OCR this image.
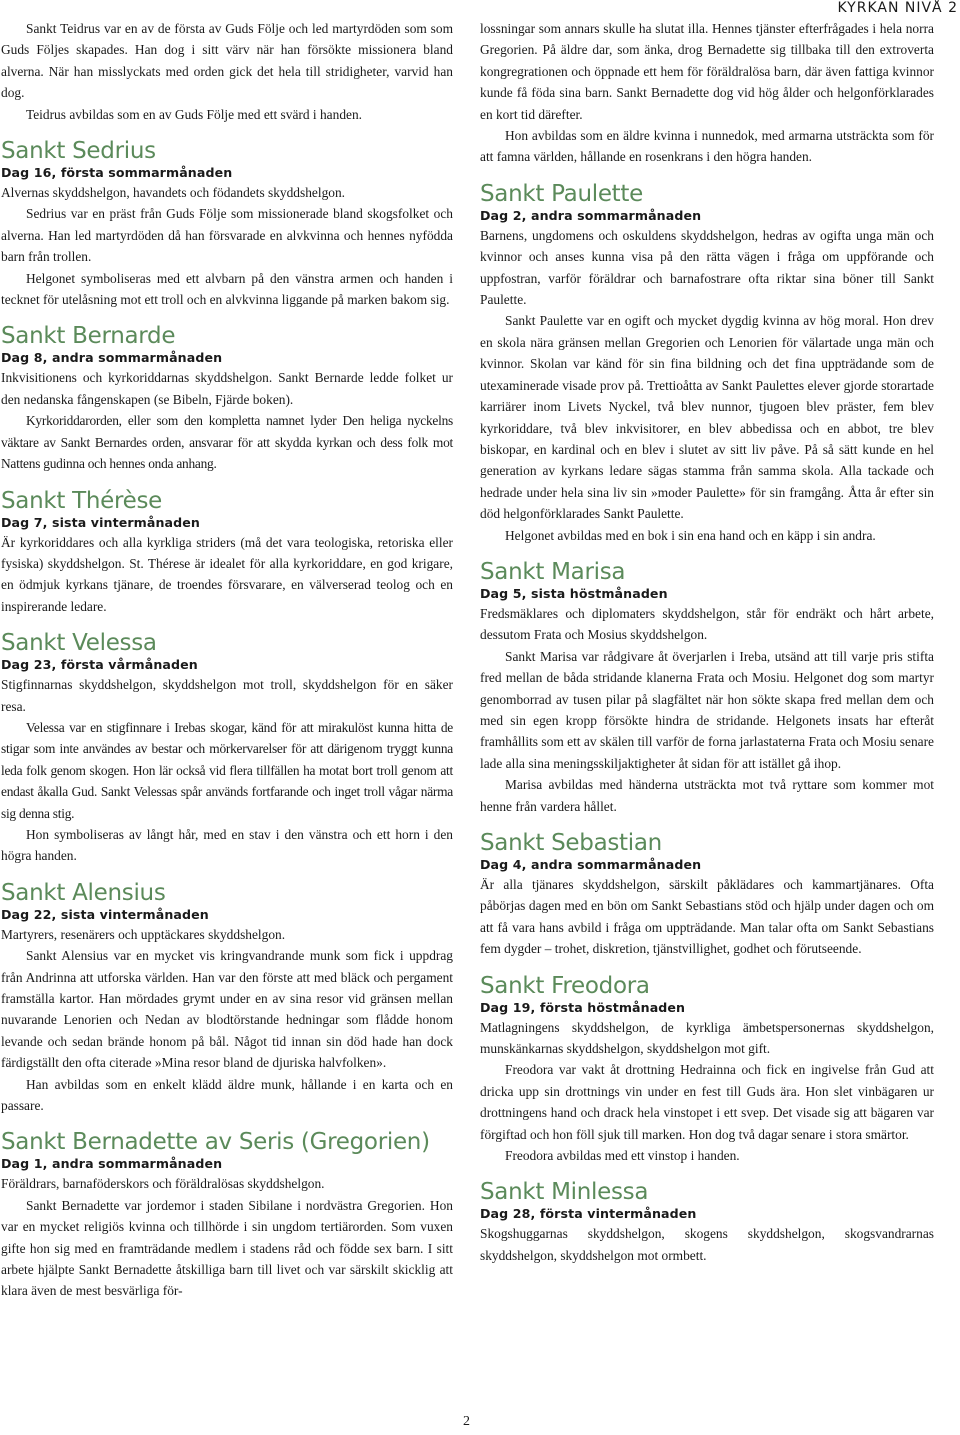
KYRKAN NIVÅ 2

Sankt Teidrus var en av de första av Guds Följe och led martyrdöden som som Guds Följes skapades. Han dog i sitt värv när han försökte missionera bland alverna. När han misslyckats med orden gick det hela till stridigheter, varvid han dog.

Teidrus avbildas som en av Guds Följe med ett svärd i handen.

Sankt Sedrius
Dag 16, första sommarmånaden

Alvernas skyddshelgon, havandets och födandets skyddshelgon.

Sedrius var en präst från Guds Följe som missionerade bland skogsfolket och alverna. Han led martyrdöden då han försvarade en alvkvinna och hennes nyfödda barn från trollen.

Helgonet symboliseras med ett alvbarn på den vänstra armen och handen i tecknet för utelåsning mot ett troll och en alvkvinna liggande på marken bakom sig.

Sankt Bernarde
Dag 8, andra sommarmånaden

Inkvisitionens och kyrkoriddarnas skyddshelgon. Sankt Bernarde ledde folket ur den nedanska fångenskapen (se Bibeln, Fjärde boken).

Kyrkoriddarorden, eller som den kompletta namnet lyder Den heliga nyckelns väktare av Sankt Bernardes orden, ansvarar för att skydda kyrkan och dess folk mot Nattens gudinna och hennes onda anhang.

Sankt Thérèse
Dag 7, sista vintermånaden

Är kyrkoriddares och alla kyrkliga striders (må det vara teologiska, retoriska eller fysiska) skyddshelgon. St. Thérese är idealet för alla kyrkoriddare, en god krigare, en ödmjuk kyrkans tjänare, de troendes försvarare, en välverserad teolog och en inspirerande ledare.

Sankt Velessa
Dag 23, första vårmånaden

Stigfinnarnas skyddshelgon, skyddshelgon mot troll, skyddshelgon för en säker resa.

Velessa var en stigfinnare i Irebas skogar, känd för att mirakulöst kunna hitta de stigar som inte användes av bestar och mörkervarelser för att därigenom tryggt kunna leda folk genom skogen. Hon lär också vid flera tillfällen ha motat bort troll genom att endast åkalla Gud. Sankt Velessas spår används fortfarande och inget troll vågar närma sig denna stig.

Hon symboliseras av långt hår, med en stav i den vänstra och ett horn i den högra handen.

Sankt Alensius
Dag 22, sista vintermånaden

Martyrers, resenärers och upptäckares skyddshelgon.

Sankt Alensius var en mycket vis kringvandrande munk som fick i uppdrag från Andrinna att utforska världen. Han var den förste att med bläck och pergament framställa kartor. Han mördades grymt under en av sina resor vid gränsen mellan nuvarande Lenorien och Nedan av blodtörstande hedningar som flådde honom levande och sedan brände honom på bål. Något tid innan sin död hade han dock färdigställt den ofta citerade »Mina resor bland de djuriska halvfolken».

Han avbildas som en enkelt klädd äldre munk, hållande i en karta och en passare.

Sankt Bernadette av Seris (Gregorien)
Dag 1, andra sommarmånaden

Föräldrars, barnaföderskors och föräldralösas skyddshelgon.

Sankt Bernadette var jordemor i staden Sibilane i nordvästra Gregorien. Hon var en mycket religiös kvinna och tillhörde i sin ungdom tertiärorden. Som vuxen gifte hon sig med en framträdande medlem i stadens råd och födde sex barn. I sitt arbete hjälpte Sankt Bernadette åtskilliga barn till livet och var särskilt skicklig att klara även de mest besvärliga för-

lossningar som annars skulle ha slutat illa. Hennes tjänster efterfrågades i hela norra Gregorien. På äldre dar, som änka, drog Bernadette sig tillbaka till den extroverta kongregrationen och öppnade ett hem för föräldralösa barn, där även fattiga kvinnor kunde få föda sina barn. Sankt Bernadette dog vid hög ålder och helgonförklarades en kort tid därefter.

Hon avbildas som en äldre kvinna i nunnedok, med armarna utsträckta som för att famna världen, hållande en rosenkrans i den högra handen.

Sankt Paulette
Dag 2, andra sommarmånaden

Barnens, ungdomens och oskuldens skyddshelgon, hedras av ogifta unga män och kvinnor och anses kunna visa på den rätta vägen i fråga om uppförande och uppfostran, varför föräldrar och barnafostrare ofta riktar sina böner till Sankt Paulette.

Sankt Paulette var en ogift och mycket dygdig kvinna av hög moral. Hon drev en skola nära gränsen mellan Gregorien och Lenorien för välartade unga män och kvinnor. Skolan var känd för sin fina bildning och det fina uppträdande som de utexaminerade visade prov på. Trettioåtta av Sankt Paulettes elever gjorde storartade karriärer inom Livets Nyckel, två blev nunnor, tjugoen blev präster, fem blev kyrkoriddare, två blev inkvisitorer, en blev abbedissa och en abbot, tre blev biskopar, en kardinal och en blev i slutet av sitt liv påve. På så sätt kunde en hel generation av kyrkans ledare sägas stamma från samma skola. Alla tackade och hedrade under hela sina liv sin »moder Paulette» för sin framgång. Åtta år efter sin död helgonförklarades Sankt Paulette.

Helgonet avbildas med en bok i sin ena hand och en käpp i sin andra.

Sankt Marisa
Dag 5, sista höstmånaden

Fredsmäklares och diplomaters skyddshelgon, står för endräkt och hårt arbete, dessutom Frata och Mosius skyddshelgon.

Sankt Marisa var rådgivare åt överjarlen i Ireba, utsänd att till varje pris stifta fred mellan de båda stridande klanerna Frata och Mosiu. Helgonet dog som martyr genomborrad av tusen pilar på slagfältet när hon sökte skapa fred mellan dem och med sin egen kropp försökte hindra de stridande. Helgonets insats har efteråt framhållits som ett av skälen till varför de forna jarlastaterna Frata och Mosiu senare lade alla sina meningsskiljaktigheter åt sidan för att istället gå ihop.

Marisa avbildas med händerna utsträckta mot två ryttare som kommer mot henne från vardera hållet.

Sankt Sebastian
Dag 4, andra sommarmånaden

Är alla tjänares skyddshelgon, särskilt påklädares och kammartjänares. Ofta påbörjas dagen med en bön om Sankt Sebastians stöd och hjälp under dagen och om att få vara hans avbild i fråga om uppträdande. Man talar ofta om Sankt Sebastians fem dygder – trohet, diskretion, tjänstvillighet, godhet och förutseende.

Sankt Freodora
Dag 19, första höstmånaden

Matlagningens skyddshelgon, de kyrkliga ämbetspersonernas skyddshelgon, munskänkarnas skyddshelgon, skyddshelgon mot gift.

Freodora var vakt åt drottning Hedrainna och fick en ingivelse från Gud att dricka upp sin drottnings vin under en fest till Guds ära. Hon slet vinbägaren ur drottningens hand och drack hela vinstopet i ett svep. Det visade sig att bägaren var förgiftad och hon föll sjuk till marken. Hon dog två dagar senare i stora smärtor.

Freodora avbildas med ett vinstop i handen.

Sankt Minlessa
Dag 28, första vintermånaden

Skogshuggarnas skyddshelgon, skogens skyddshelgon, skogsvandrarnas skyddshelgon, skyddshelgon mot ormbett.

2
